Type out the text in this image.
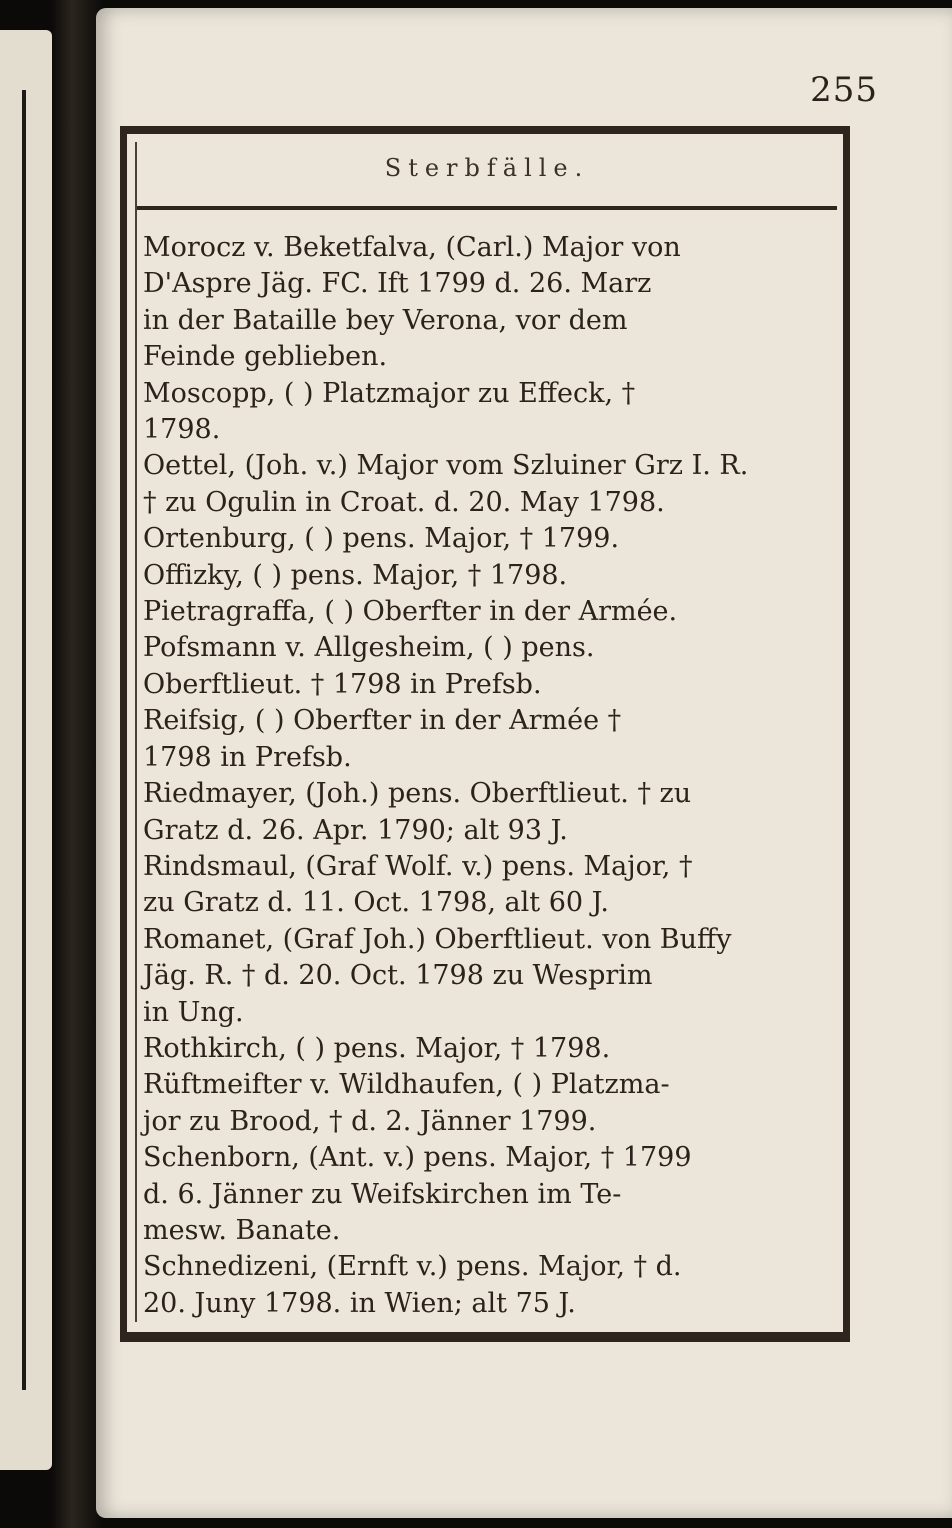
255

Sterbfälle.

Morocz v. Beketfalva, (Carl.) Major von
D'Aspre Jäg. FC. Ift 1799 d. 26. Marz
in der Bataille bey Verona, vor dem
Feinde geblieben.

Moscopp, ( ) Platzmajor zu Effeck, †
1798.

Oettel, (Joh. v.) Major vom Szluiner Grz I. R.
† zu Ogulin in Croat. d. 20. May 1798.

Ortenburg, ( ) pens. Major, † 1799.

Offizky, ( ) pens. Major, † 1798.

Pietragraffa, ( ) Oberfter in der Armée.

Pofsmann v. Allgesheim, ( ) pens.
Oberftlieut. † 1798 in Prefsb.

Reifsig, ( ) Oberfter in der Armée †
1798 in Prefsb.

Riedmayer, (Joh.) pens. Oberftlieut. † zu
Gratz d. 26. Apr. 1790; alt 93 J.

Rindsmaul, (Graf Wolf. v.) pens. Major, †
zu Gratz d. 11. Oct. 1798, alt 60 J.

Romanet, (Graf Joh.) Oberftlieut. von Buffy
Jäg. R. † d. 20. Oct. 1798 zu Wesprim
in Ung.

Rothkirch, ( ) pens. Major, † 1798.

Rüftmeifter v. Wildhaufen, ( ) Platzma-
jor zu Brood, † d. 2. Jänner 1799.

Schenborn, (Ant. v.) pens. Major, † 1799
d. 6. Jänner zu Weifskirchen im Te-
mesw. Banate.

Schnedizeni, (Ernft v.) pens. Major, † d.
20. Juny 1798. in Wien; alt 75 J.
